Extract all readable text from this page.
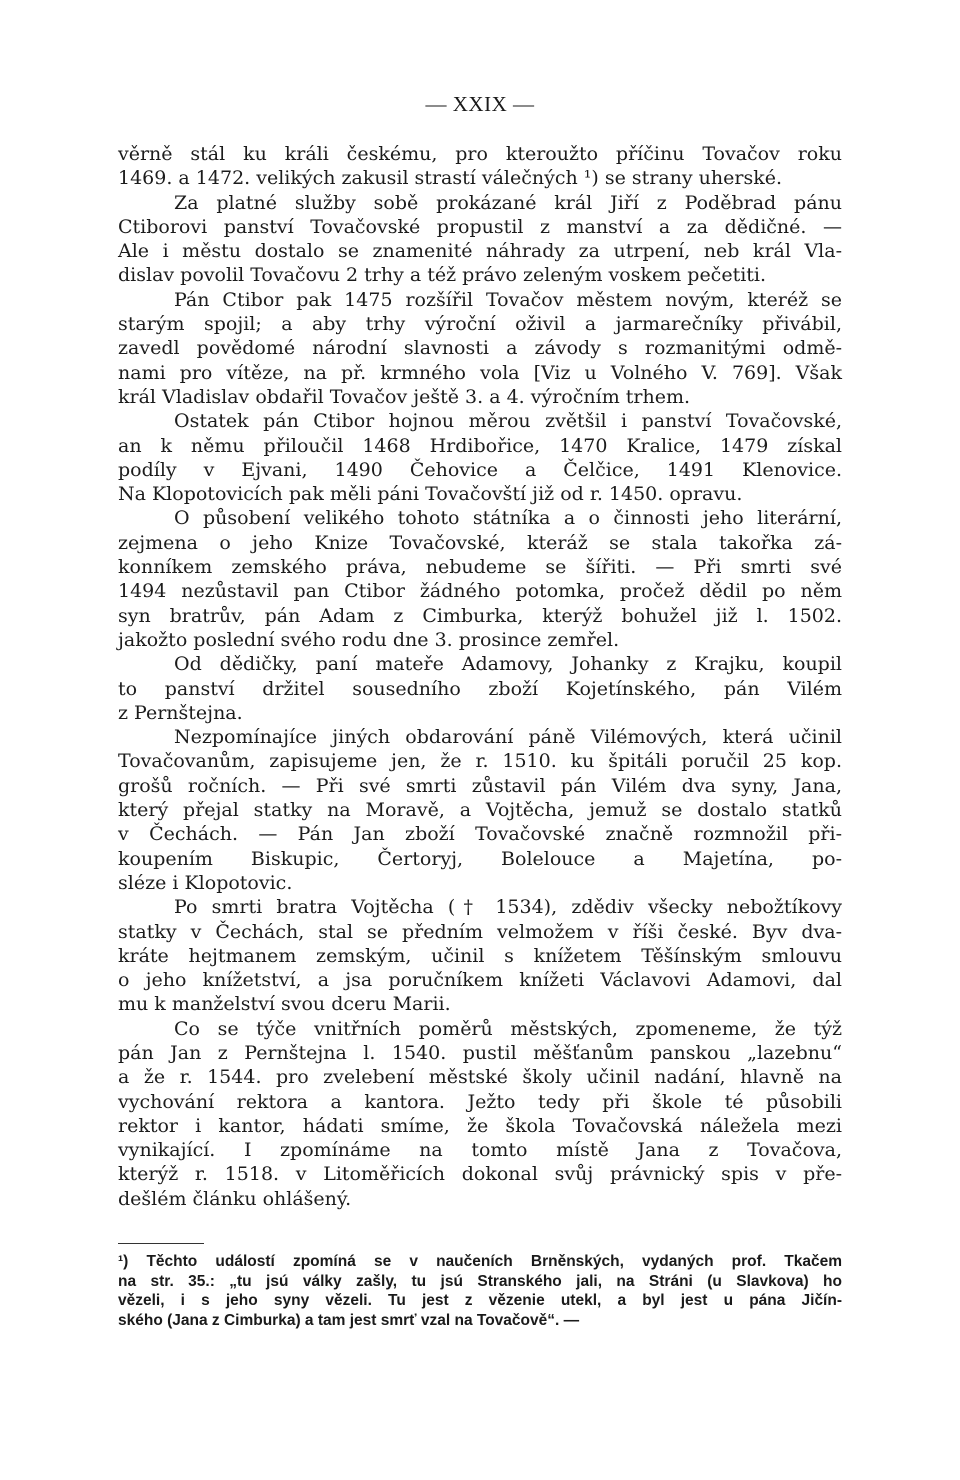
— XXIX —

věrně stál ku králi českému, pro kteroužto příčinu Tovačov roku
1469. a 1472. velikých zakusil strastí válečných ¹) se strany uherské.

Za platné služby sobě prokázané král Jiří z Poděbrad pánu
Ctiborovi panství Tovačovské propustil z manství a za dědičné. —
Ale i městu dostalo se znamenité náhrady za utrpení, neb král Vla-
dislav povolil Tovačovu 2 trhy a též právo zeleným voskem pečetiti.

Pán Ctibor pak 1475 rozšířil Tovačov městem novým, kteréž se
starým spojil; a aby trhy výroční oživil a jarmarečníky přivábil,
zavedl povědomé národní slavnosti a závody s rozmanitými odmě-
nami pro vítěze, na př. krmného vola [Viz u Volného V. 769]. Však
král Vladislav obdařil Tovačov ještě 3. a 4. výročním trhem.

Ostatek pán Ctibor hojnou měrou zvětšil i panství Tovačovské,
an k němu přiloučil 1468 Hrdibořice, 1470 Kralice, 1479 získal
podíly v Ejvani, 1490 Čehovice a Čelčice, 1491 Klenovice.
Na Klopotovicích pak měli páni Tovačovští již od r. 1450. opravu.

O působení velikého tohoto státníka a o činnosti jeho literární,
zejmena o jeho Knize Tovačovské, kteráž se stala takořka zá-
konníkem zemského práva, nebudeme se šířiti. — Při smrti své
1494 nezůstavil pan Ctibor žádného potomka, pročež dědil po něm
syn bratrův, pán Adam z Cimburka, kterýž bohužel již l. 1502.
jakožto poslední svého rodu dne 3. prosince zemřel.

Od dědičky, paní mateře Adamovy, Johanky z Krajku, koupil
to panství držitel sousedního zboží Kojetínského, pán Vilém
z Pernštejna.

Nezpomínajíce jiných obdarování páně Vilémových, která učinil
Tovačovanům, zapisujeme jen, že r. 1510. ku špitáli poručil 25 kop.
grošů ročních. — Při své smrti zůstavil pán Vilém dva syny, Jana,
který přejal statky na Moravě, a Vojtěcha, jemuž se dostalo statků
v Čechách. — Pán Jan zboží Tovačovské značně rozmnožil při-
koupením Biskupic, Čertoryj, Bolelouce a Majetína, po-
sléze i Klopotovic.

Po smrti bratra Vojtěcha († 1534), zdědiv všecky nebožtíkovy
statky v Čechách, stal se předním velmožem v říši české. Byv dva-
kráte hejtmanem zemským, učinil s knížetem Těšínským smlouvu
o jeho knížetství, a jsa poručníkem knížeti Václavovi Adamovi, dal
mu k manželství svou dceru Marii.

Co se týče vnitřních poměrů městských, zpomeneme, že týž
pán Jan z Pernštejna l. 1540. pustil měšťanům panskou „lazebnu“
a že r. 1544. pro zvelebení městské školy učinil nadání, hlavně na
vychování rektora a kantora. Ježto tedy při škole té působili
rektor i kantor, hádati smíme, že škola Tovačovská náležela mezi
vynikající. I zpomínáme na tomto místě Jana z Tovačova,
kterýž r. 1518. v Litoměřicích dokonal svůj právnický spis v pře-
dešlém článku ohlášený.

¹) Těchto událostí zpomíná se v naučeních Brněnských, vydaných prof. Tkačem
na str. 35.: „tu jsú války zašly, tu jsú Stranského jali, na Stráni (u Slavkova) ho
vězeli, i s jeho syny vězeli. Tu jest z vězenie utekl, a byl jest u pána Jičín-
ského (Jana z Cimburka) a tam jest smrť vzal na Tovačově“. —
